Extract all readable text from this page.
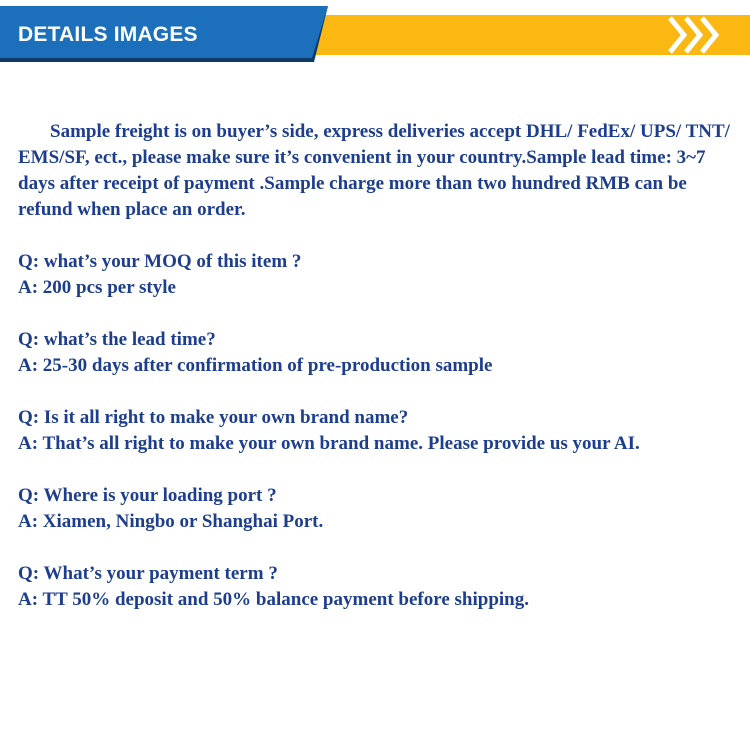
DETAILS IMAGES

Sample freight is on buyer’s side, express deliveries accept DHL/ FedEx/ UPS/ TNT/ EMS/SF, ect., please make sure it’s convenient in your country.Sample lead time: 3~7 days after receipt of payment .Sample charge more than two hundred RMB can be refund when place an order.

Q: what’s your MOQ of this item ?

A: 200 pcs per style

Q: what’s the lead time?

A: 25-30 days after confirmation of pre-production sample

Q: Is it all right to make your own brand name?

A: That’s all right to make your own brand name. Please provide us your AI.

Q: Where is your loading port ?

A: Xiamen, Ningbo or Shanghai Port.

Q: What’s your payment term ?

A: TT 50% deposit and 50% balance payment before shipping.
